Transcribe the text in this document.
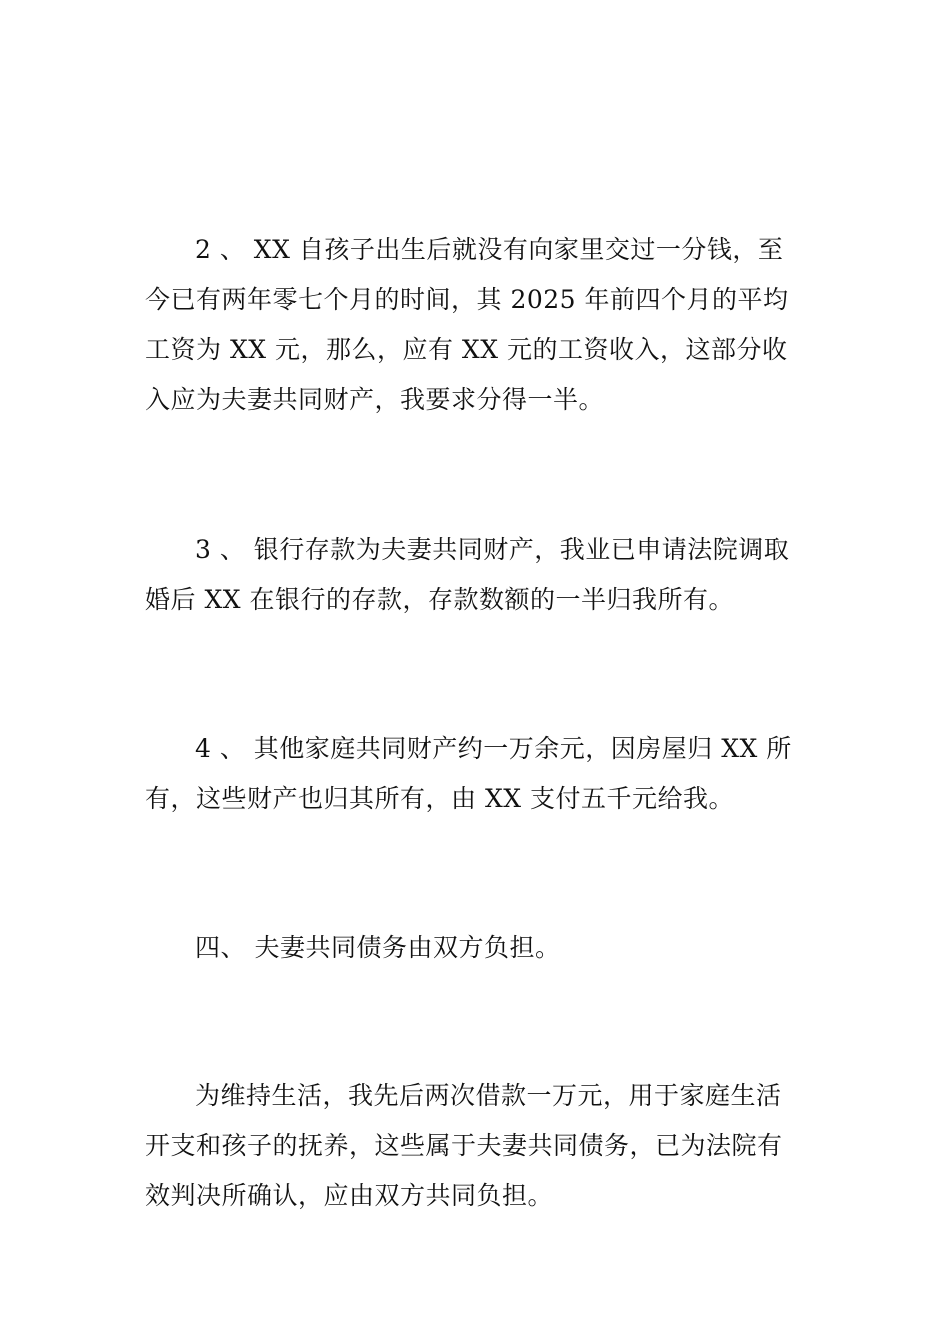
2 、 XX 自孩子出生后就没有向家里交过一分钱，至
今已有两年零七个月的时间，其 2025 年前四个月的平均
工资为 XX 元，那么，应有 XX 元的工资收入，这部分收
入应为夫妻共同财产，我要求分得一半。
3 、 银行存款为夫妻共同财产，我业已申请法院调取
婚后 XX 在银行的存款，存款数额的一半归我所有。
4 、 其他家庭共同财产约一万余元，因房屋归 XX 所
有，这些财产也归其所有，由 XX 支付五千元给我。
四、 夫妻共同债务由双方负担。
为维持生活，我先后两次借款一万元，用于家庭生活
开支和孩子的抚养，这些属于夫妻共同债务，已为法院有
效判决所确认，应由双方共同负担。
